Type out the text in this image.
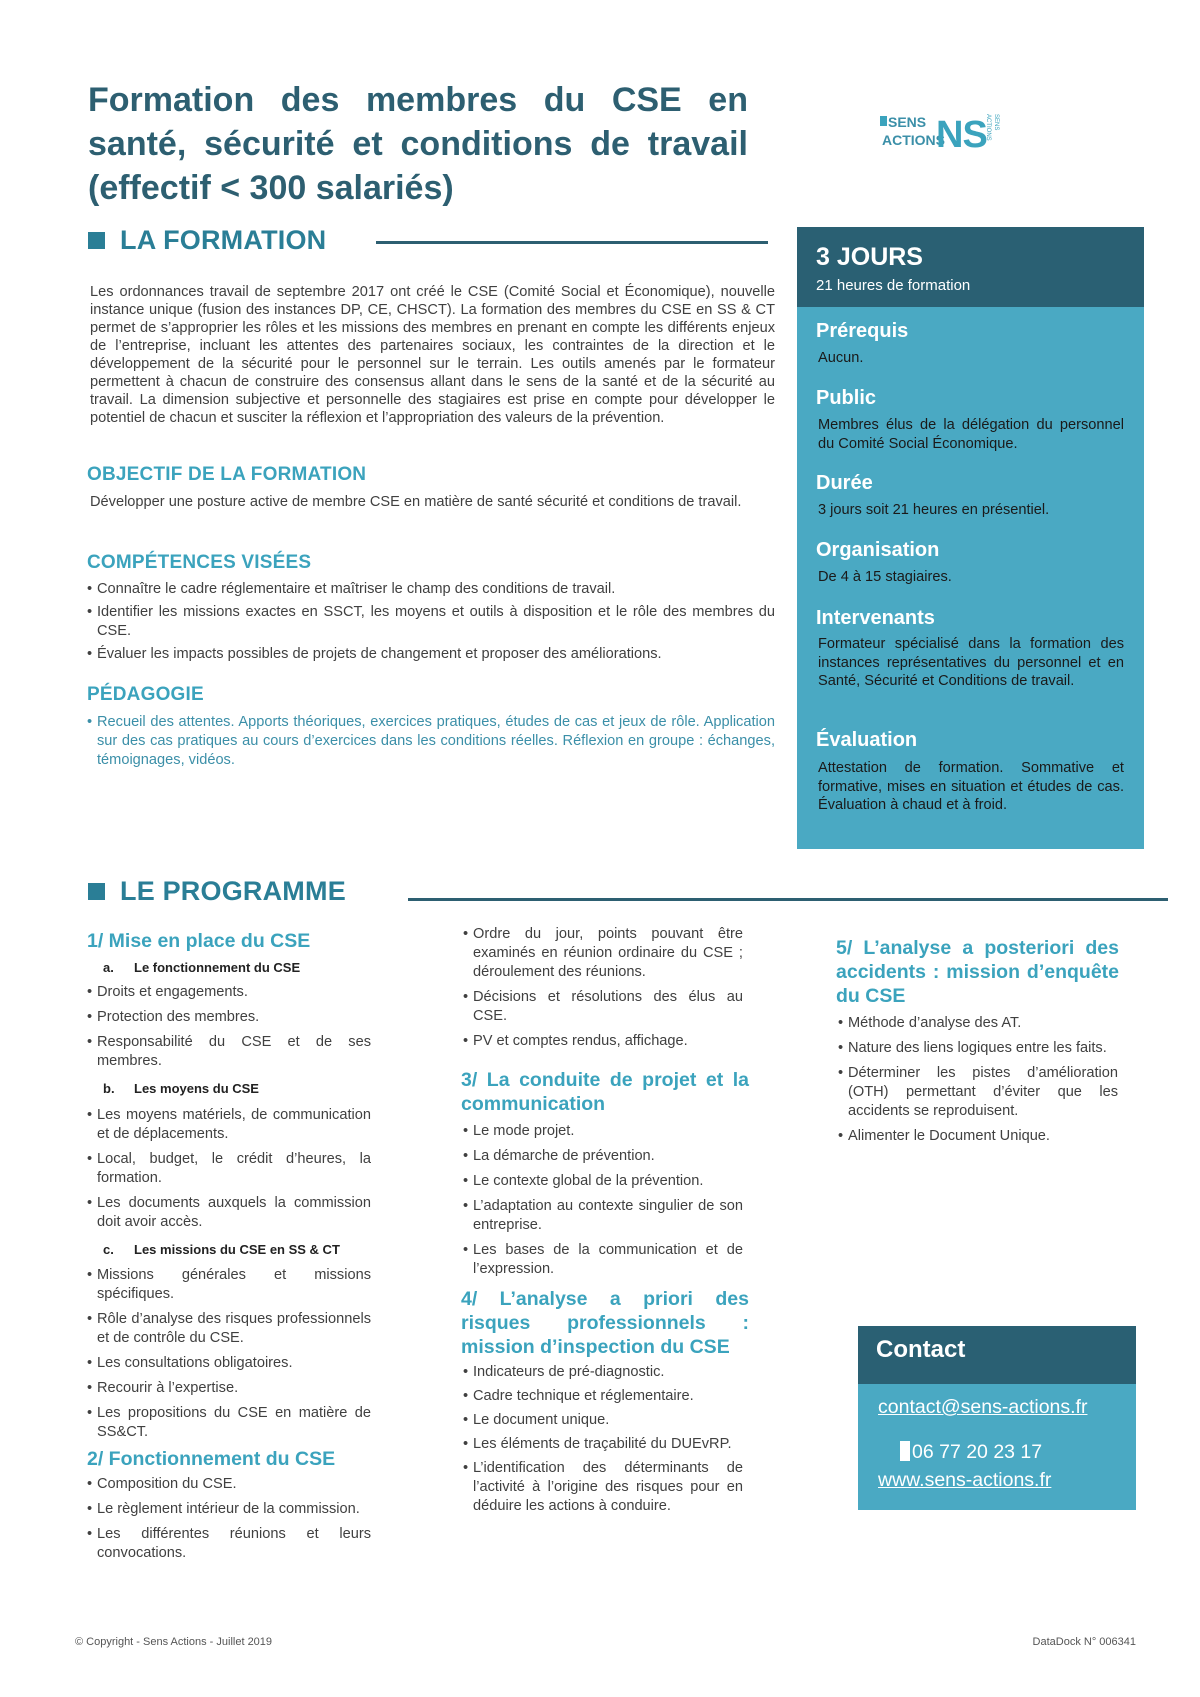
Formation des membres du CSE en santé, sécurité et conditions de travail (effectif < 300 salariés)
SENS
ACTIONS
NS	SENS ACTIONS
LA FORMATION

Les ordonnances travail de septembre 2017 ont créé le CSE (Comité Social et Économique), nouvelle instance unique (fusion des instances DP, CE, CHSCT). La formation des membres du CSE en SS & CT permet de s’approprier les rôles et les missions des membres en prenant en compte les différents enjeux de l’entreprise, incluant les attentes des partenaires sociaux, les contraintes de la direction et le développement de la sécurité pour le personnel sur le terrain. Les outils amenés par le formateur permettent à chacun de construire des consensus allant dans le sens de la santé et de la sécurité au travail. La dimension subjective et personnelle des stagiaires est prise en compte pour développer le potentiel de chacun et susciter la réflexion et l’appropriation des valeurs de la prévention.

OBJECTIF DE LA FORMATION

Développer une posture active de membre CSE en matière de santé sécurité et conditions de travail.

COMPÉTENCES VISÉES
• Connaître le cadre réglementaire et maîtriser le champ des conditions de travail.
• Identifier les missions exactes en SSCT, les moyens et outils à disposition et le rôle des membres du CSE.
• Évaluer les impacts possibles de projets de changement et proposer des améliorations.
PÉDAGOGIE
• Recueil des attentes. Apports théoriques, exercices pratiques, études de cas et jeux de rôle. Application sur des cas pratiques au cours d’exercices dans les conditions réelles. Réflexion en groupe : échanges, témoignages, vidéos.
3 JOURS
21 heures de formation
Prérequis
Aucun.
Public
Membres élus de la délégation du personnel du Comité Social Économique.
Durée
3 jours soit 21 heures en présentiel.
Organisation
De 4 à 15 stagiaires.
Intervenants
Formateur spécialisé dans la formation des instances représentatives du personnel et en Santé, Sécurité et Conditions de travail.
Évaluation
Attestation de formation. Sommative et formative, mises en situation et études de cas. Évaluation à chaud et à froid.
LE PROGRAMME
1/ Mise en place du CSE
a. Le fonctionnement du CSE
• Droits et engagements.
• Protection des membres.
• Responsabilité du CSE et de ses membres.
b. Les moyens du CSE
• Les moyens matériels, de communication et de déplacements.
• Local, budget, le crédit d’heures, la formation.
• Les documents auxquels la commission doit avoir accès.
c. Les missions du CSE en SS & CT
• Missions générales et missions spécifiques.
• Rôle d’analyse des risques professionnels et de contrôle du CSE.
• Les consultations obligatoires.
• Recourir à l’expertise.
• Les propositions du CSE en matière de SS&CT.
2/ Fonctionnement du CSE
• Composition du CSE.
• Le règlement intérieur de la commission.
• Les différentes réunions et leurs convocations.
• Ordre du jour, points pouvant être examinés en réunion ordinaire du CSE ; déroulement des réunions.
• Décisions et résolutions des élus au CSE.
• PV et comptes rendus, affichage.
3/ La conduite de projet et la communication
• Le mode projet.
• La démarche de prévention.
• Le contexte global de la prévention.
• L’adaptation au contexte singulier de son entreprise.
• Les bases de la communication et de l’expression.
4/ L’analyse a priori des risques professionnels : mission d’inspection du CSE
• Indicateurs de pré-diagnostic.
• Cadre technique et réglementaire.
• Le document unique.
• Les éléments de traçabilité du DUEvRP.
• L’identification des déterminants de l’activité à l’origine des risques pour en déduire les actions à conduire.
5/ L’analyse a posteriori des accidents : mission d’enquête du CSE
• Méthode d’analyse des AT.
• Nature des liens logiques entre les faits.
• Déterminer les pistes d’amélioration (OTH) permettant d’éviter que les accidents se reproduisent.
• Alimenter le Document Unique.
Contact
contact@sens-actions.fr
06 77 20 23 17
www.sens-actions.fr
© Copyright - Sens Actions - Juillet 2019	DataDock N° 006341
